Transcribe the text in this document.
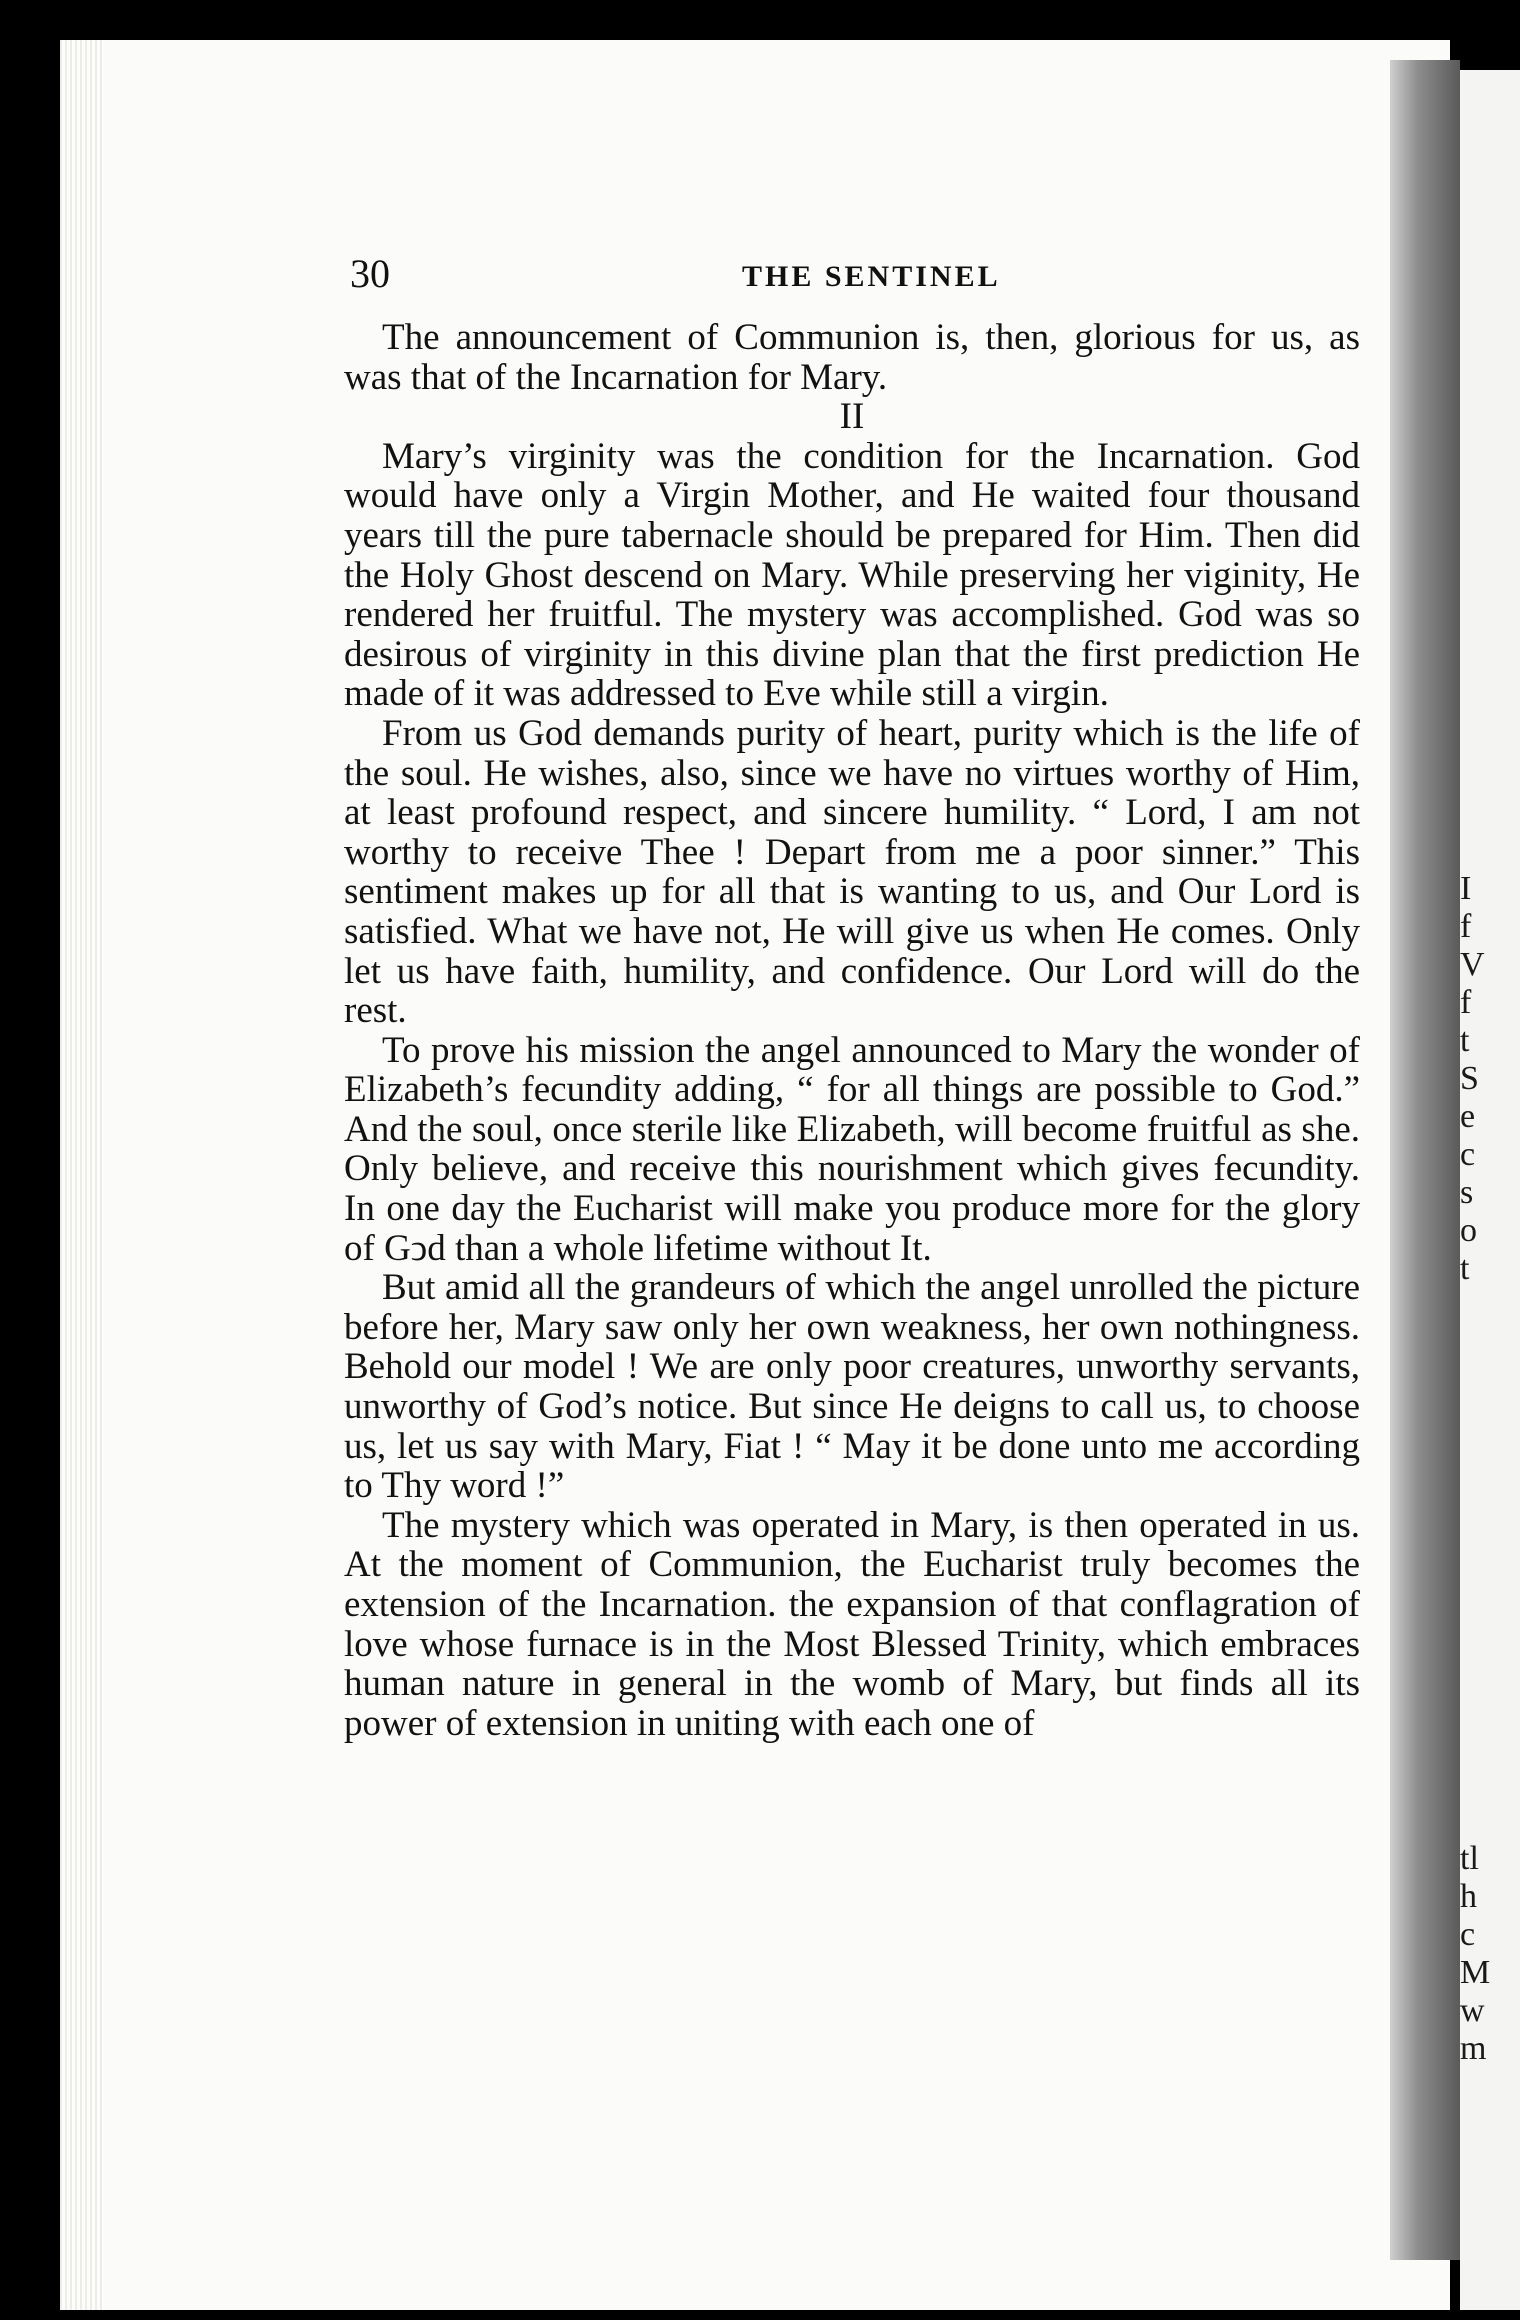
I
f
V
f
t
S
e
c
s
o
t
tl
h
c
M
w
m
30	THE SENTINEL

The announcement of Communion is, then, glorious for us, as was that of the Incarnation for Mary.

II

Mary’s virginity was the condition for the Incarnation. God would have only a Virgin Mother, and He waited four thousand years till the pure tabernacle should be prepared for Him. Then did the Holy Ghost descend on Mary. While preserving her viginity, He rendered her fruitful. The mystery was accomplished. God was so desirous of virginity in this divine plan that the first prediction He made of it was addressed to Eve while still a virgin.

From us God demands purity of heart, purity which is the life of the soul. He wishes, also, since we have no virtues worthy of Him, at least profound respect, and sincere humility. “ Lord, I am not worthy to receive Thee ! Depart from me a poor sinner.” This sentiment makes up for all that is wanting to us, and Our Lord is satisfied. What we have not, He will give us when He comes. Only let us have faith, humility, and confidence. Our Lord will do the rest.

To prove his mission the angel announced to Mary the wonder of Elizabeth’s fecundity adding, “ for all things are possible to God.” And the soul, once sterile like Elizabeth, will become fruitful as she. Only believe, and receive this nourishment which gives fecundity. In one day the Eucharist will make you produce more for the glory of Gͻd than a whole lifetime without It.

But amid all the grandeurs of which the angel unrolled the picture before her, Mary saw only her own weakness, her own nothingness. Behold our model ! We are only poor creatures, unworthy servants, unworthy of God’s notice. But since He deigns to call us, to choose us, let us say with Mary, Fiat ! “ May it be done unto me according to Thy word !”

The mystery which was operated in Mary, is then operated in us. At the moment of Communion, the Eucharist truly becomes the extension of the Incarnation. the expansion of that conflagration of love whose furnace is in the Most Blessed Trinity, which embraces human nature in general in the womb of Mary, but finds all its power of extension in uniting with each one of
